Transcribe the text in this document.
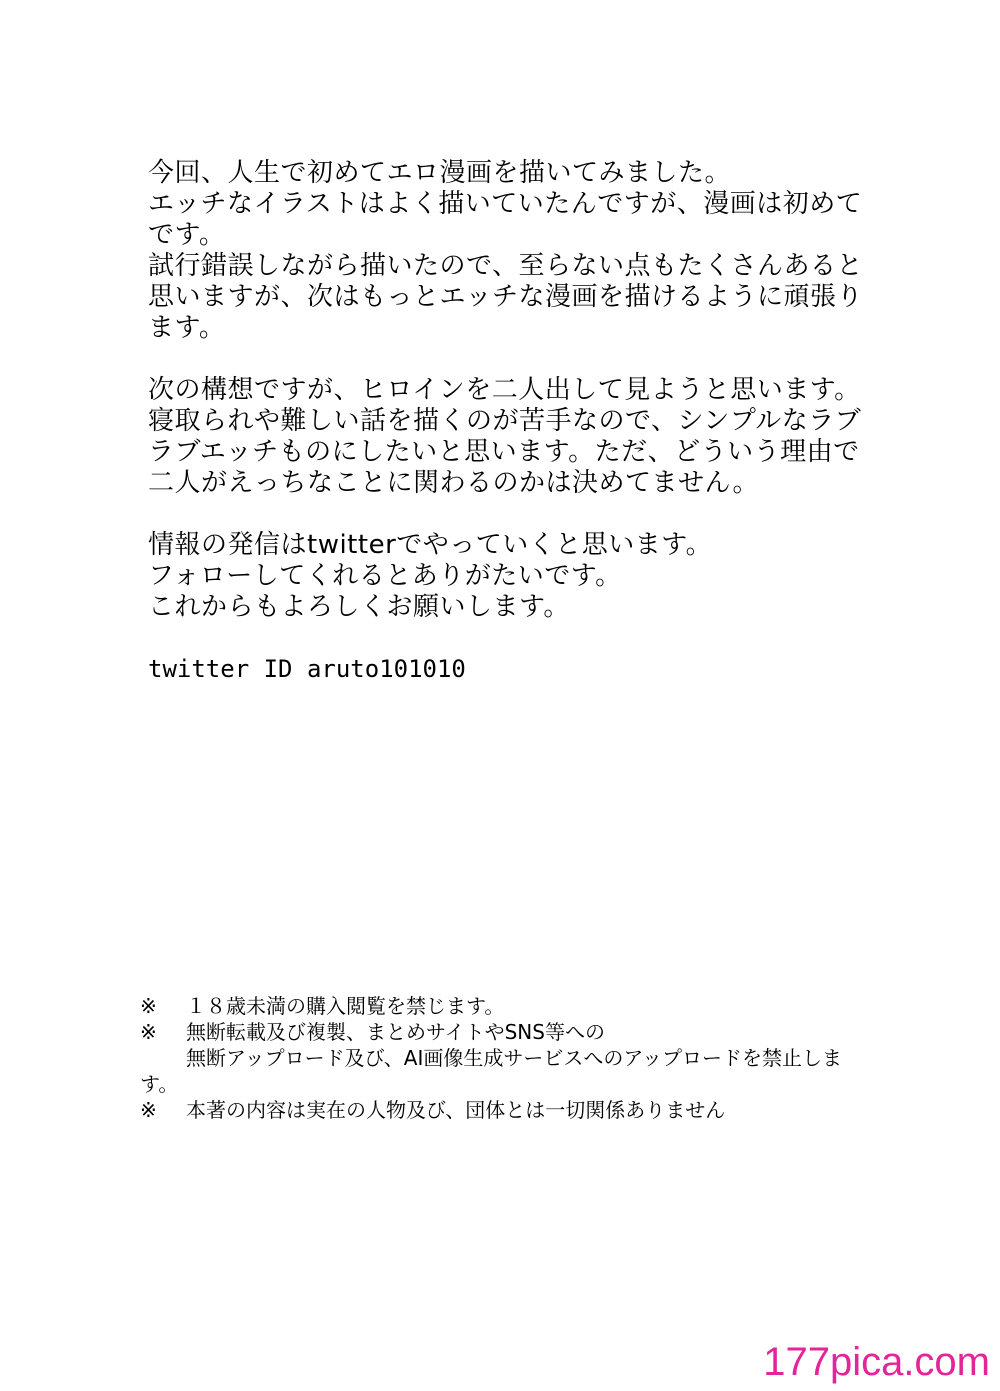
今回、人生で初めてエロ漫画を描いてみました。
エッチなイラストはよく描いていたんですが、漫画は初めて
です。
試行錯誤しながら描いたので、至らない点もたくさんあると
思いますが、次はもっとエッチな漫画を描けるように頑張り
ます。
次の構想ですが、ヒロインを二人出して見ようと思います。
寝取られや難しい話を描くのが苦手なので、シンプルなラブ
ラブエッチものにしたいと思います。ただ、どういう理由で
二人がえっちなことに関わるのかは決めてません。
情報の発信はtwitterでやっていくと思います。
フォローしてくれるとありがたいです。
これからもよろしくお願いします。
twitter ID aruto101010
※ １８歳未満の購入閲覧を禁じます。
※ 無断転載及び複製、まとめサイトやSNS等への
無断アップロード及び、AI画像生成サービスへのアップロードを禁止しま
す。
※ 本著の内容は実在の人物及び、団体とは一切関係ありません
177pica.com
